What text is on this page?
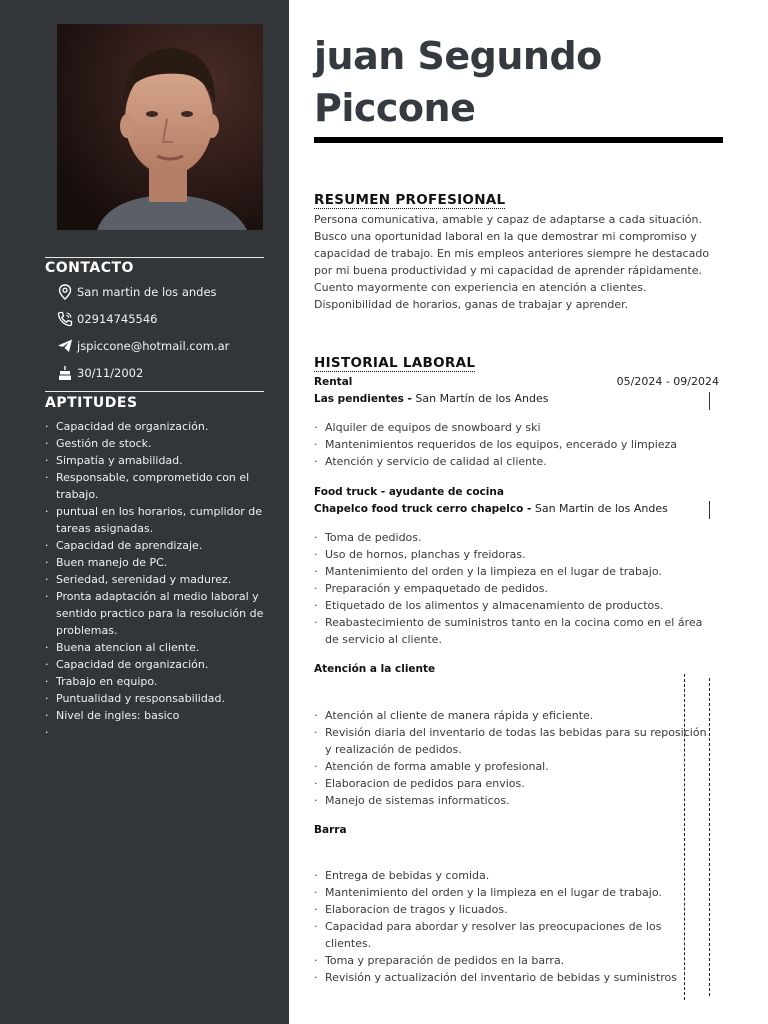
CONTACTO
San martin de los andes
02914745546
jspiccone@hotmail.com.ar
30/11/2002
APTITUDES
· Capacidad de organización.
· Gestión de stock.
· Simpatía y amabilidad.
· Responsable, comprometido con el trabajo.
· puntual en los horarios, cumplidor de tareas asignadas.
· Capacidad de aprendizaje.
· Buen manejo de PC.
· Seriedad, serenidad y madurez.
· Pronta adaptación al medio laboral y sentido practico para la resolución de problemas.
· Buena atencion al cliente.
· Capacidad de organización.
· Trabajo en equipo.
· Puntualidad y responsabilidad.
· Nivel de ingles: basico
·
juan Segundo
Piccone
RESUMEN PROFESIONAL

Persona comunicativa, amable y capaz de adaptarse a cada situación. Busco una oportunidad laboral en la que demostrar mi compromiso y capacidad de trabajo. En mis empleos anteriores siempre he destacado por mi buena productividad y mi capacidad de aprender rápidamente.

Cuento mayormente con experiencia en atención a clientes.

Disponibilidad de horarios, ganas de trabajar y aprender.

HISTORIAL LABORAL
Rental	05/2024 - 09/2024
Las pendientes - San Martín de los Andes
· Alquiler de equipos de snowboard y ski
· Mantenimientos requeridos de los equipos, encerado y limpieza
· Atención y servicio de calidad al cliente.
Food truck - ayudante de cocina
Chapelco food truck cerro chapelco - San Martin de los Andes
· Toma de pedidos.
· Uso de hornos, planchas y freidoras.
· Mantenimiento del orden y la limpieza en el lugar de trabajo.
· Preparación y empaquetado de pedidos.
· Etiquetado de los alimentos y almacenamiento de productos.
· Reabastecimiento de suministros tanto en la cocina como en el área de servicio al cliente.
Atención a la cliente
· Atención al cliente de manera rápida y eficiente.
· Revisión diaria del inventario de todas las bebidas para su reposición y realización de pedidos.
· Atención de forma amable y profesional.
· Elaboracion de pedidos para envios.
· Manejo de sistemas informaticos.
Barra
· Entrega de bebidas y comida.
· Mantenimiento del orden y la limpieza en el lugar de trabajo.
· Elaboracion de tragos y licuados.
· Capacidad para abordar y resolver las preocupaciones de los clientes.
· Toma y preparación de pedidos en la barra.
· Revisión y actualización del inventario de bebidas y suministros
